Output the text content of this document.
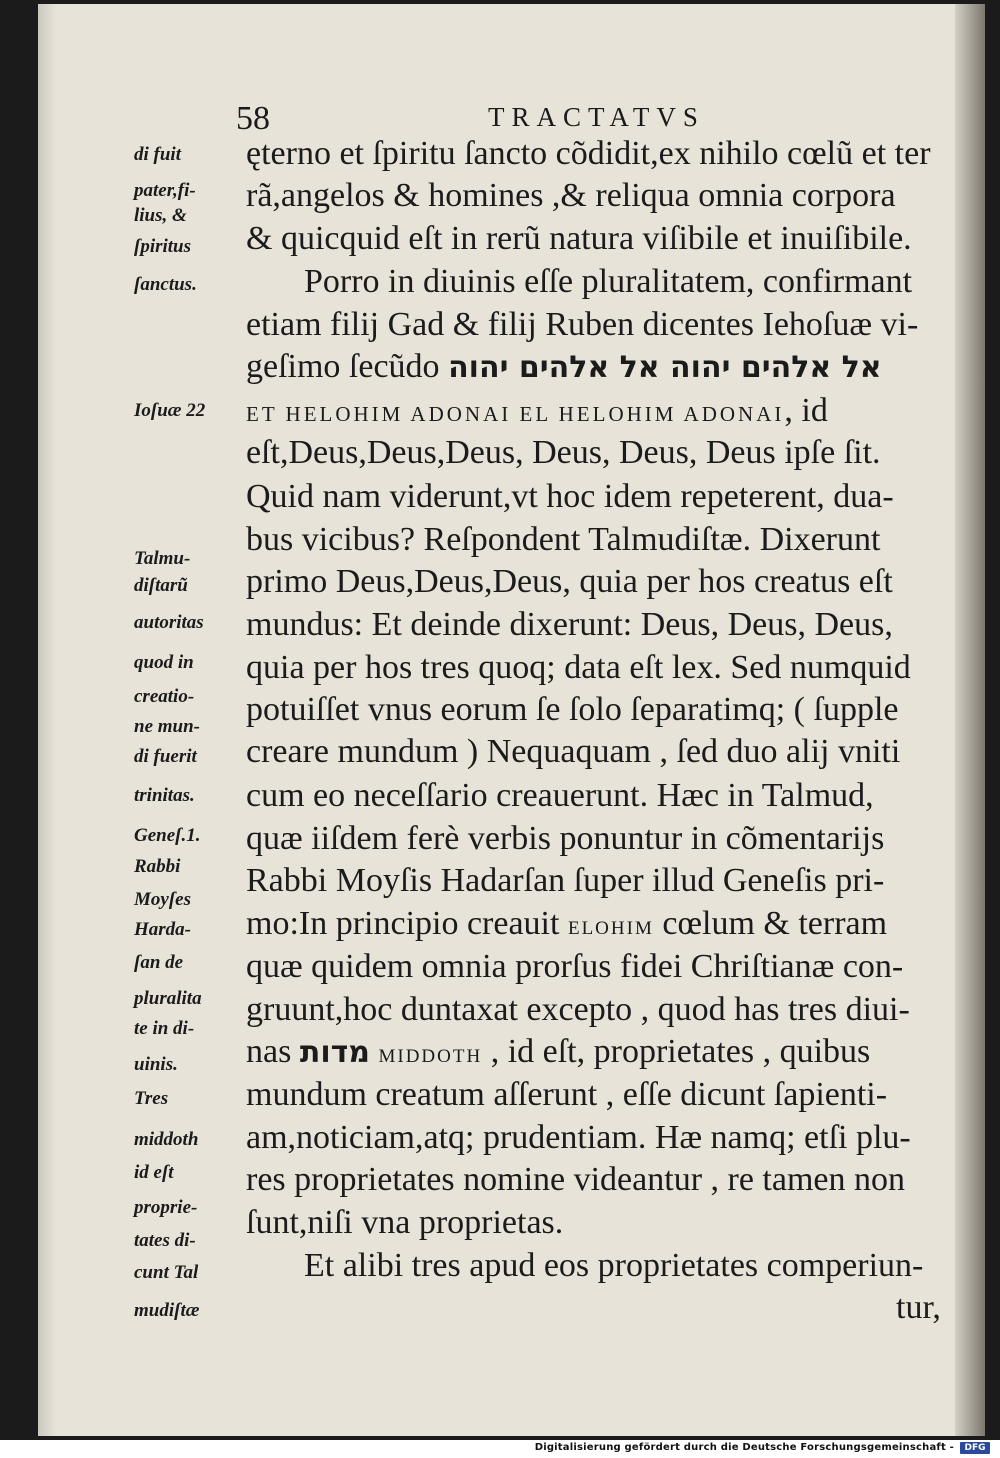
58	TRACTATVS
ęterno et ſpiritu ſancto cõdidit,ex nihilo cœlũ et ter
rã,angelos & homines ,& reliqua omnia corpora
& quicquid eſt in rerũ natura viſibile et inuiſibile.
Porro in diuinis eſſe pluralitatem, confirmant
etiam filij Gad & filij Ruben dicentes Iehoſuæ vi-
geſimo ſecũdo אל אלהים יהוה אל אלהים יהוה
ET HELOHIM ADONAI EL HELOHIM ADONAI, id
eſt,Deus,Deus,Deus, Deus, Deus, Deus ipſe ſit.
Quid nam viderunt,vt hoc idem repeterent, dua-
bus vicibus? Reſpondent Talmudiſtæ. Dixerunt
primo Deus,Deus,Deus, quia per hos creatus eſt
mundus: Et deinde dixerunt: Deus, Deus, Deus,
quia per hos tres quoq; data eſt lex. Sed numquid
potuiſſet vnus eorum ſe ſolo ſeparatimq; ( ſupple
creare mundum ) Nequaquam , ſed duo alij vniti
cum eo neceſſario creauerunt. Hæc in Talmud,
quæ iiſdem ferè verbis ponuntur in cõmentarijs
Rabbi Moyſis Hadarſan ſuper illud Geneſis pri-
mo:In principio creauit ELOHIM cœlum & terram
quæ quidem omnia prorſus fidei Chriſtianæ con-
gruunt,hoc duntaxat excepto , quod has tres diui-
nas מדות MIDDOTH , id eſt, proprietates , quibus
mundum creatum aſſerunt , eſſe dicunt ſapienti-
am,noticiam,atq; prudentiam. Hæ namq; etſi plu-
res proprietates nomine videantur , re tamen non
ſunt,niſi vna proprietas.
Et alibi tres apud eos proprietates comperiun-
tur,
di fuit
pater,fi-
lius, &
ſpiritus
ſanctus.
Ioſuæ 22
Talmu-
diſtarũ
autoritas
quod in
creatio-
ne mun-
di fuerit
trinitas.
Geneſ.1.
Rabbi
Moyſes
Harda-
ſan de
pluralita
te in di-
uinis.
Tres
middoth
id eſt
proprie-
tates di-
cunt Tal
mudiſtæ
Digitalisierung gefördert durch die Deutsche Forschungsgemeinschaft -	DFG
